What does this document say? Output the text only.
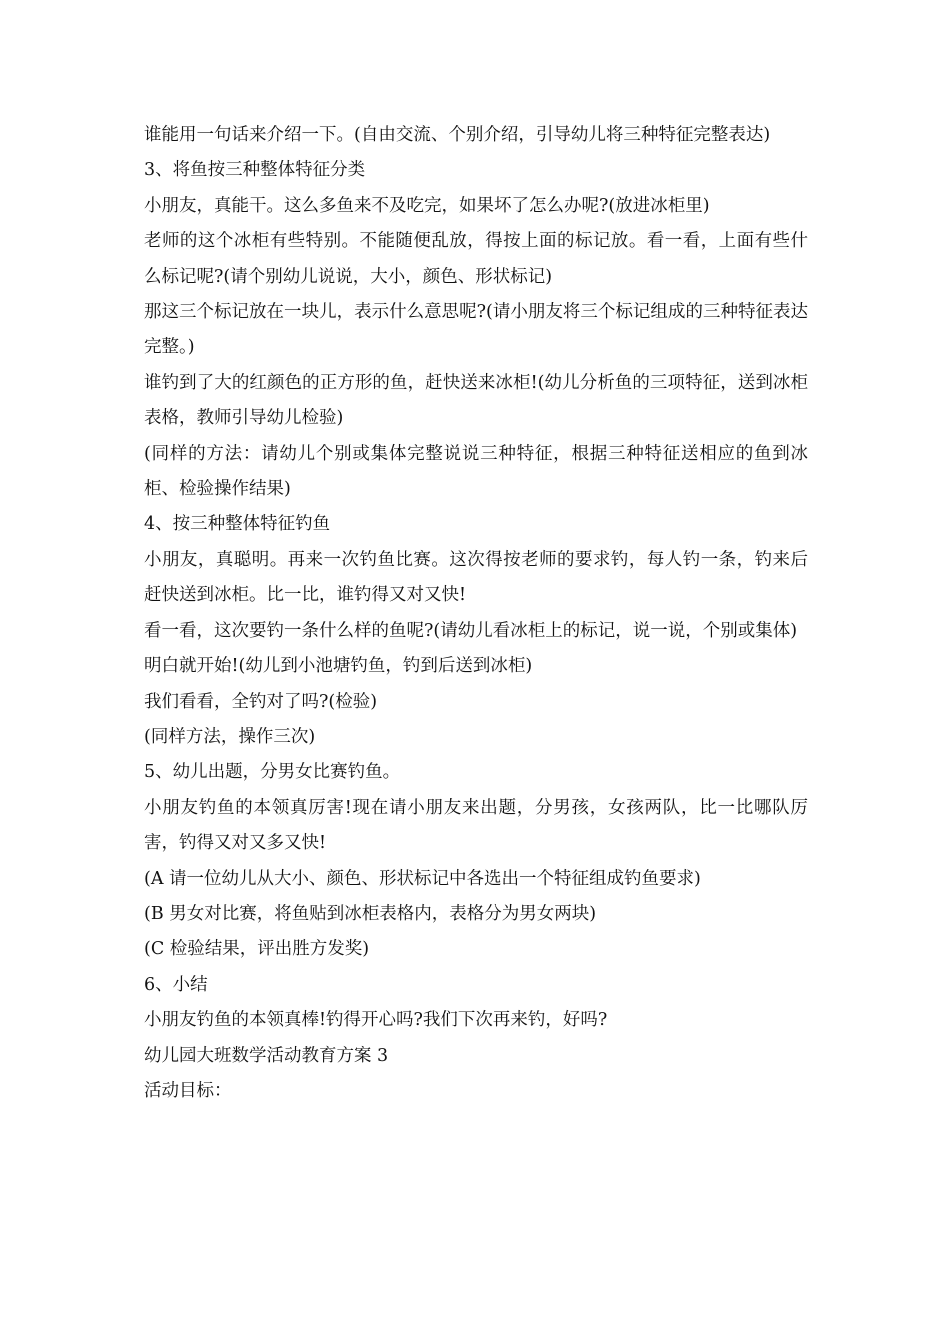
谁能用一句话来介绍一下。(自由交流、个别介绍，引导幼儿将三种特征完整表达)

3、将鱼按三种整体特征分类

小朋友，真能干。这么多鱼来不及吃完，如果坏了怎么办呢?(放进冰柜里)

老师的这个冰柜有些特别。不能随便乱放，得按上面的标记放。看一看，上面有些什么标记呢?(请个别幼儿说说，大小，颜色、形状标记)

那这三个标记放在一块儿，表示什么意思呢?(请小朋友将三个标记组成的三种特征表达完整。)

谁钓到了大的红颜色的正方形的鱼，赶快送来冰柜!(幼儿分析鱼的三项特征，送到冰柜表格，教师引导幼儿检验)

(同样的方法：请幼儿个别或集体完整说说三种特征，根据三种特征送相应的鱼到冰柜、检验操作结果)

4、按三种整体特征钓鱼

小朋友，真聪明。再来一次钓鱼比赛。这次得按老师的要求钓，每人钓一条，钓来后赶快送到冰柜。比一比，谁钓得又对又快!

看一看，这次要钓一条什么样的鱼呢?(请幼儿看冰柜上的标记，说一说，个别或集体)

明白就开始!(幼儿到小池塘钓鱼，钓到后送到冰柜)

我们看看，全钓对了吗?(检验)

(同样方法，操作三次)

5、幼儿出题，分男女比赛钓鱼。

小朋友钓鱼的本领真厉害!现在请小朋友来出题，分男孩，女孩两队，比一比哪队厉害，钓得又对又多又快!

(A 请一位幼儿从大小、颜色、形状标记中各选出一个特征组成钓鱼要求)

(B 男女对比赛，将鱼贴到冰柜表格内，表格分为男女两块)

(C 检验结果，评出胜方发奖)

6、小结

小朋友钓鱼的本领真棒!钓得开心吗?我们下次再来钓，好吗?

幼儿园大班数学活动教育方案 3

活动目标：
